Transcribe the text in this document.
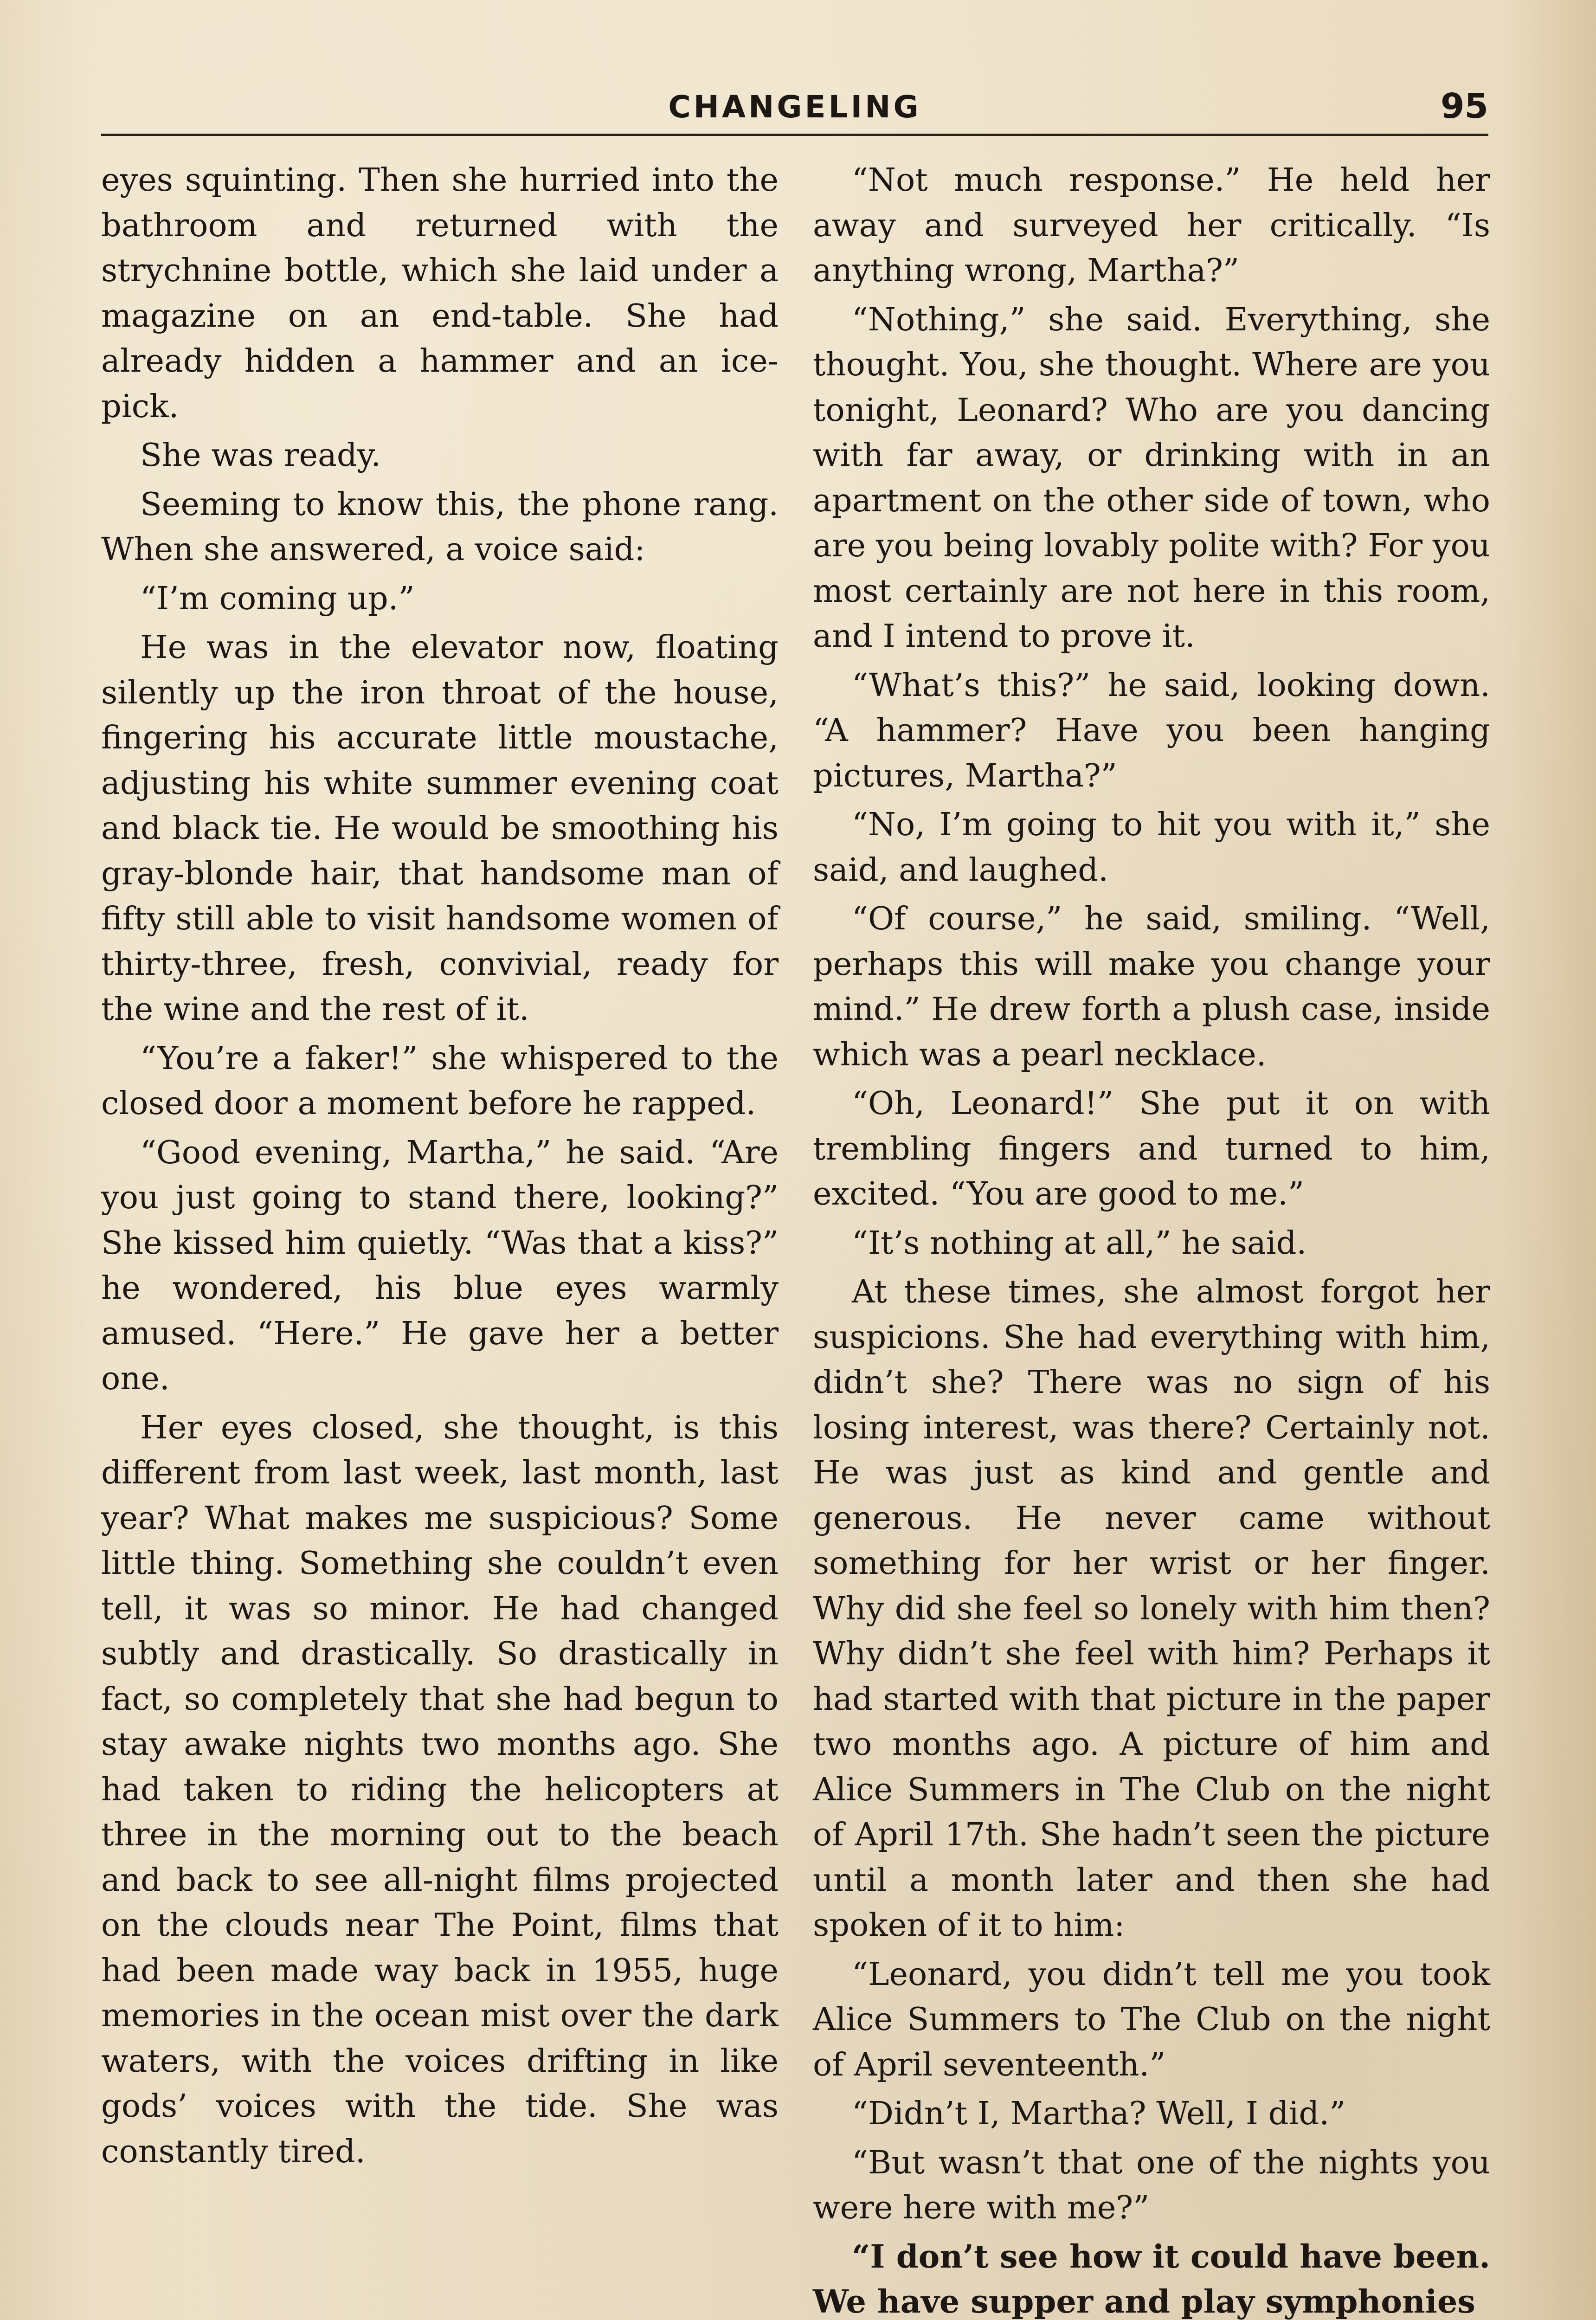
CHANGELING	95

eyes squinting. Then she hurried into the bathroom and returned with the strychnine bottle, which she laid under a magazine on an end-table. She had already hidden a hammer and an ice-pick.

She was ready.

Seeming to know this, the phone rang. When she answered, a voice said:

“I’m coming up.”

He was in the elevator now, floating silently up the iron throat of the house, fingering his accurate little moustache, adjusting his white summer evening coat and black tie. He would be smoothing his gray-blonde hair, that handsome man of fifty still able to visit handsome women of thirty-three, fresh, convivial, ready for the wine and the rest of it.

“You’re a faker!” she whispered to the closed door a moment before he rapped.

“Good evening, Martha,” he said. “Are you just going to stand there, looking?” She kissed him quietly. “Was that a kiss?” he wondered, his blue eyes warmly amused. “Here.” He gave her a better one.

Her eyes closed, she thought, is this different from last week, last month, last year? What makes me suspicious? Some little thing. Something she couldn’t even tell, it was so minor. He had changed subtly and drastically. So drastically in fact, so completely that she had begun to stay awake nights two months ago. She had taken to riding the helicopters at three in the morning out to the beach and back to see all-night films projected on the clouds near The Point, films that had been made way back in 1955, huge memories in the ocean mist over the dark waters, with the voices drifting in like gods’ voices with the tide. She was constantly tired.

“Not much response.” He held her away and surveyed her critically. “Is anything wrong, Martha?”

“Nothing,” she said. Everything, she thought. You, she thought. Where are you tonight, Leonard? Who are you dancing with far away, or drinking with in an apartment on the other side of town, who are you being lovably polite with? For you most certainly are not here in this room, and I intend to prove it.

“What’s this?” he said, looking down. “A hammer? Have you been hanging pictures, Martha?”

“No, I’m going to hit you with it,” she said, and laughed.

“Of course,” he said, smiling. “Well, perhaps this will make you change your mind.” He drew forth a plush case, inside which was a pearl necklace.

“Oh, Leonard!” She put it on with trembling fingers and turned to him, excited. “You are good to me.”

“It’s nothing at all,” he said.

At these times, she almost forgot her suspicions. She had everything with him, didn’t she? There was no sign of his losing interest, was there? Certainly not. He was just as kind and gentle and generous. He never came without something for her wrist or her finger. Why did she feel so lonely with him then? Why didn’t she feel with him? Perhaps it had started with that picture in the paper two months ago. A picture of him and Alice Summers in The Club on the night of April 17th. She hadn’t seen the picture until a month later and then she had spoken of it to him:

“Leonard, you didn’t tell me you took Alice Summers to The Club on the night of April seventeenth.”

“Didn’t I, Martha? Well, I did.”

“But wasn’t that one of the nights you were here with me?”

“I don’t see how it could have been. We have supper and play symphonies
